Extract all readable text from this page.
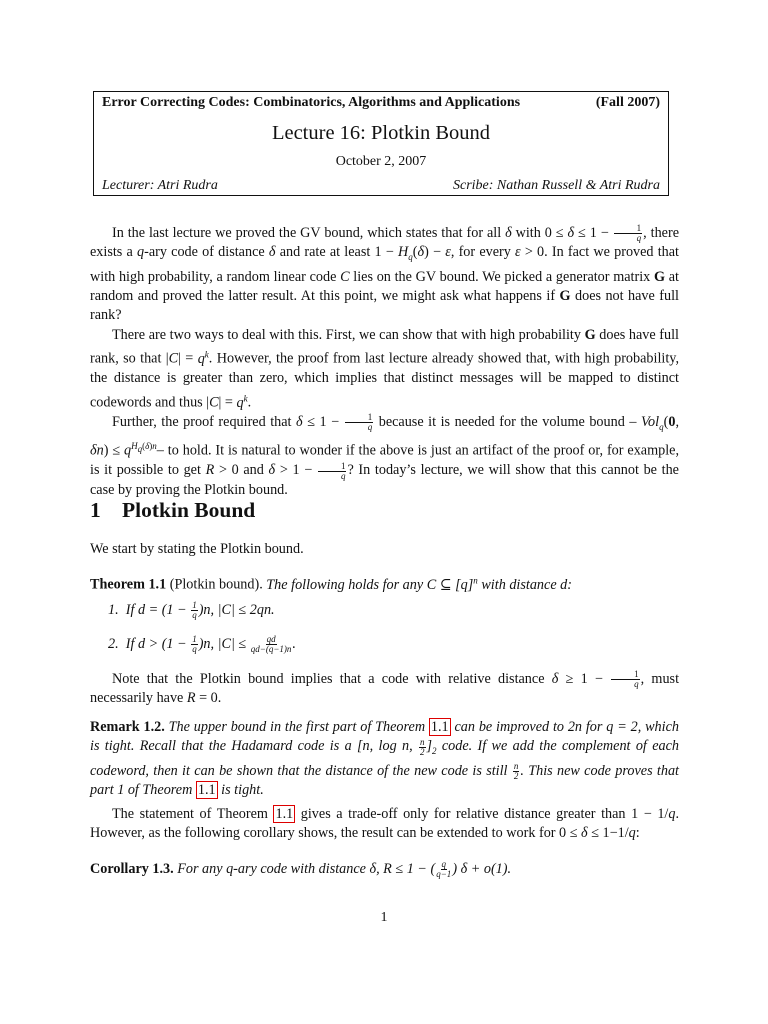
Error Correcting Codes: Combinatorics, Algorithms and Applications	(Fall 2007)
Lecture 16: Plotkin Bound
October 2, 2007
Lecturer: Atri Rudra	Scribe: Nathan Russell & Atri Rudra

In the last lecture we proved the GV bound, which states that for all δ with $0 \le \delta \le 1 - \frac{1}{q}$ , there exists a q-ary code of distance δ and rate at least $1 - H_q(\delta) - \varepsilon$, for every ε > 0. In fact we proved that with high probability, a random linear code C lies on the GV bound. We picked a generator matrix G at random and proved the latter result. At this point, we might ask what happens if G does not have full rank?

There are two ways to deal with this. First, we can show that with high probability G does have full rank, so that $|C| = q^k$. However, the proof from last lecture already showed that, with high probability, the distance is greater than zero, which implies that distinct messages will be mapped to distinct codewords and thus $|C| = q^k$.

Further, the proof required that $\delta \le 1 - \frac{1}{q}$ because it is needed for the volume bound – Vol$_q$(0, $\delta n) \le q^{H_q(\delta)n}-$ to hold. It is natural to wonder if the above is just an artifact of the proof or, for example, is it possible to get R > 0 and $\delta > 1 - \frac{1}{q}$ ? In today’s lecture, we will show that this cannot be the case by proving the Plotkin bound.

1 Plotkin Bound
We start by stating the Plotkin bound.
Theorem 1.1 (Plotkin bound). The following holds for any C ⊆ $[q]^n$ with distance d:
1.  If $d = (1 - \frac{1}{q} )n$, |C| ≤ 2qn.
2.  If $d > (1 - \frac{1}{q} )n$, $|C| \le \frac{qd}{qd-(q-1)n}$ .

Note that the Plotkin bound implies that a code with relative distance $\delta \ge 1 - \frac{1}{q}$ , must necessarily have R = 0.

Remark 1.2. The upper bound in the first part of Theorem 1.1 can be improved to 2n for q = 2, which is tight. Recall that the Hadamard code is a [n, log n, $\frac{n}{2} ]_2$ code. If we add the complement of each codeword, then it can be shown that the distance of the new code is still $\frac{n}{2}$ . This new code proves that part 1 of Theorem 1.1 is tight.

The statement of Theorem 1.1 gives a trade-off only for relative distance greater than 1 − 1/q. However, as the following corollary shows, the result can be extended to work for 0 ≤ δ ≤ 1−1/q:

Corollary 1.3. For any q-ary code with distance δ, R ≤ 1 − ( $\frac{q}{q-1}$ ) δ + o(1).
1
